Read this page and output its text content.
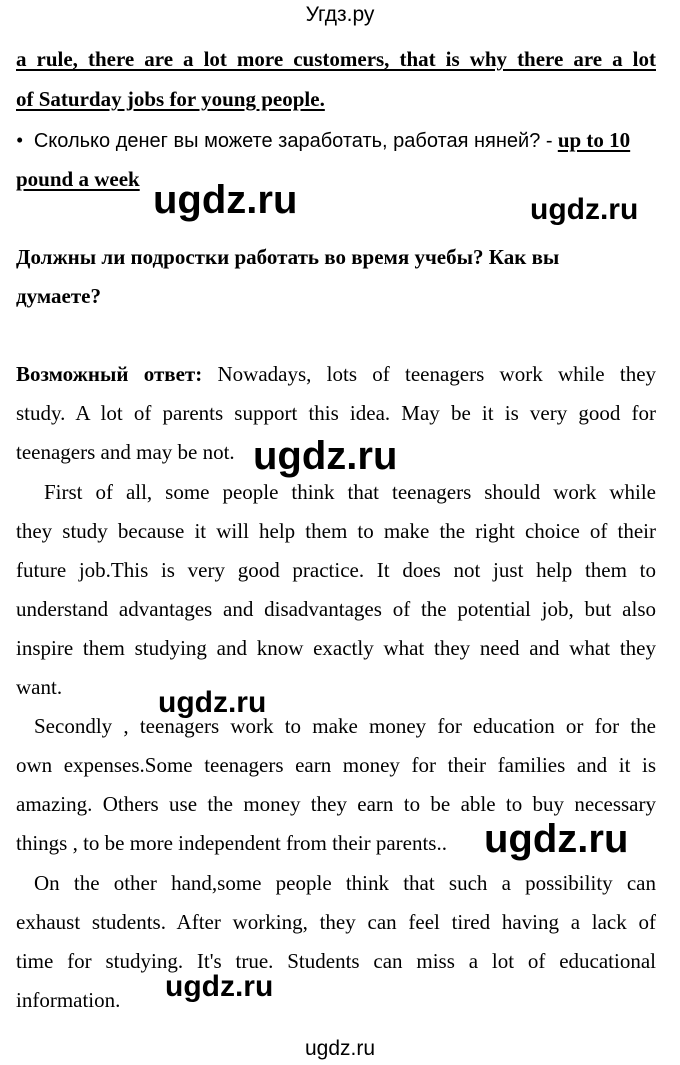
Угдз.ру
a rule, there are a lot more customers, that is why there are a lot
of Saturday jobs for young people.
• Сколько денег вы можете заработать, работая няней? - up to 10
pound a week
Должны ли подростки работать во время учебы? Как вы
думаете?
Возможный ответ: Nowadays, lots of teenagers work while they
study. A lot of parents support this idea. May be it is very good for
teenagers and may be not.
First of all, some people think that teenagers should work while
they study because it will help them to make the right choice of their
future job.This is very good practice. It does not just help them to
understand advantages and disadvantages of the potential job, but also
inspire them studying and know exactly what they need and what they
want.
Secondly , teenagers work to make money for education or for the
own expenses.Some teenagers earn money for their families and it is
amazing. Others use the money they earn to be able to buy necessary
things , to be more independent from their parents..
On the other hand,some people think that such a possibility can
exhaust students. After working, they can feel tired having a lack of
time for studying. It's true. Students can miss a lot of educational
information.
ugdz.ru	ugdz.ru
ugdz.ru
ugdz.ru
ugdz.ru
ugdz.ru
ugdz.ru
